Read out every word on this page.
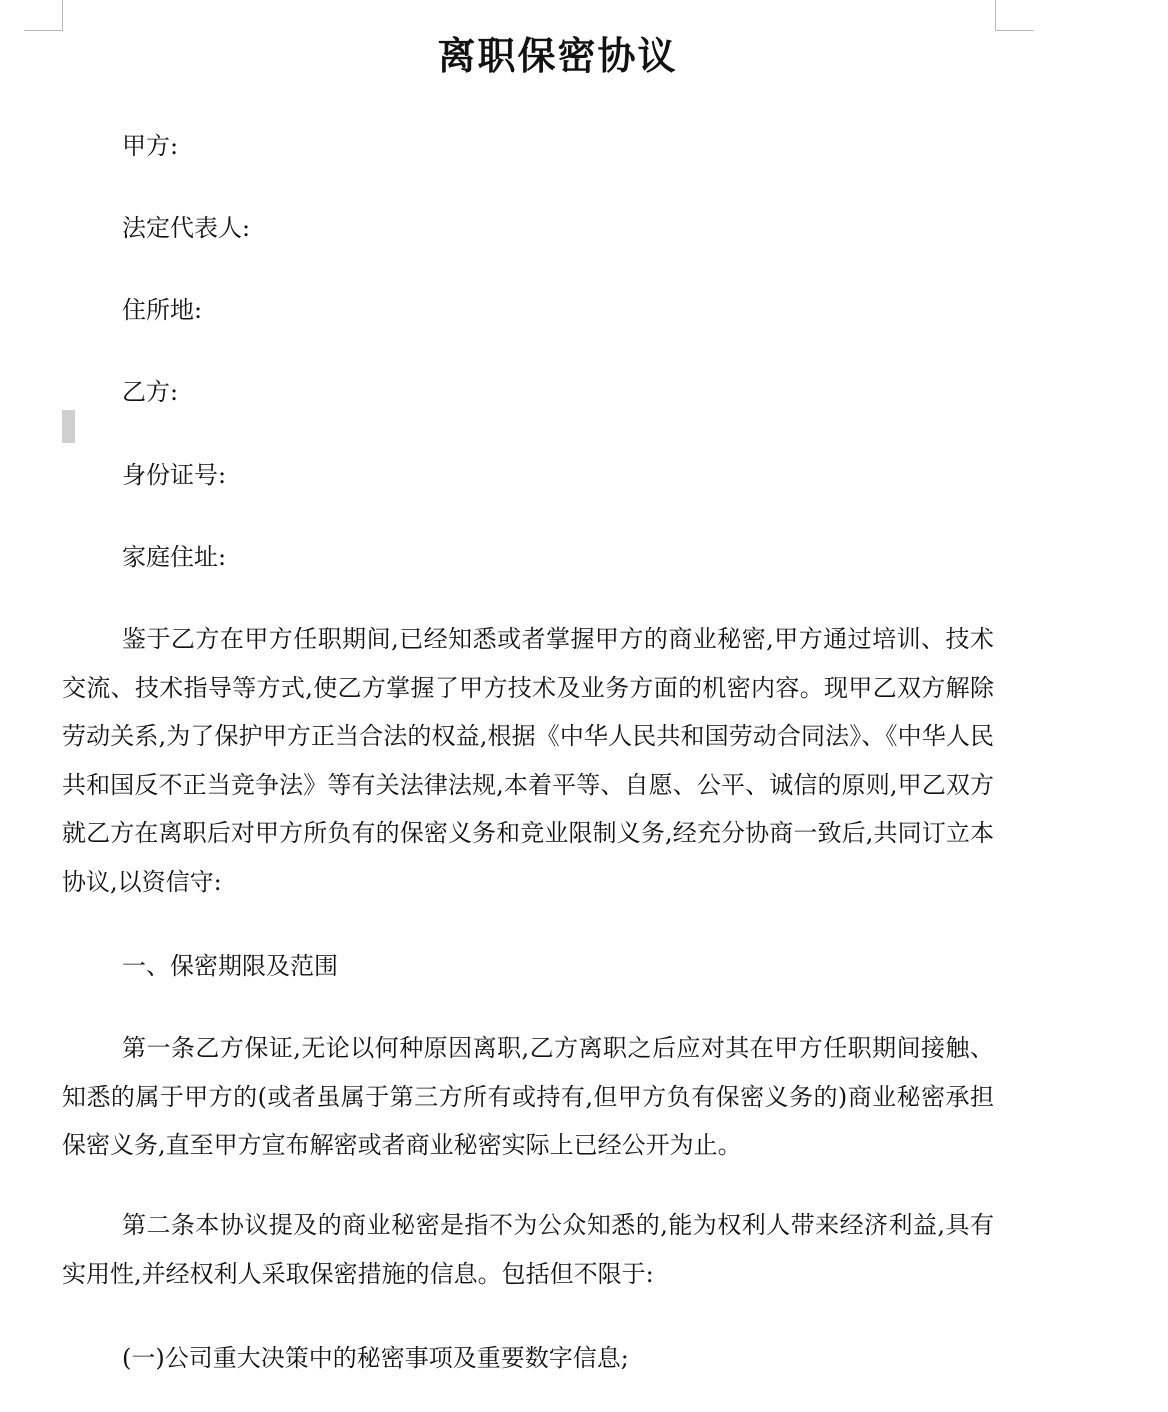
离职保密协议

甲方:

法定代表人:

住所地:

乙方:

身份证号:

家庭住址:

鉴于乙方在甲方任职期间,已经知悉或者掌握甲方的商业秘密,甲方通过培训、技术交流、技术指导等方式,使乙方掌握了甲方技术及业务方面的机密内容。现甲乙双方解除劳动关系,为了保护甲方正当合法的权益,根据《中华人民共和国劳动合同法》、《中华人民共和国反不正当竞争法》等有关法律法规,本着平等、自愿、公平、诚信的原则,甲乙双方就乙方在离职后对甲方所负有的保密义务和竞业限制义务,经充分协商一致后,共同订立本协议,以资信守:

一、保密期限及范围

第一条乙方保证,无论以何种原因离职,乙方离职之后应对其在甲方任职期间接触、知悉的属于甲方的(或者虽属于第三方所有或持有,但甲方负有保密义务的)商业秘密承担保密义务,直至甲方宣布解密或者商业秘密实际上已经公开为止。

第二条本协议提及的商业秘密是指不为公众知悉的,能为权利人带来经济利益,具有实用性,并经权利人采取保密措施的信息。包括但不限于:

(一)公司重大决策中的秘密事项及重要数字信息;
